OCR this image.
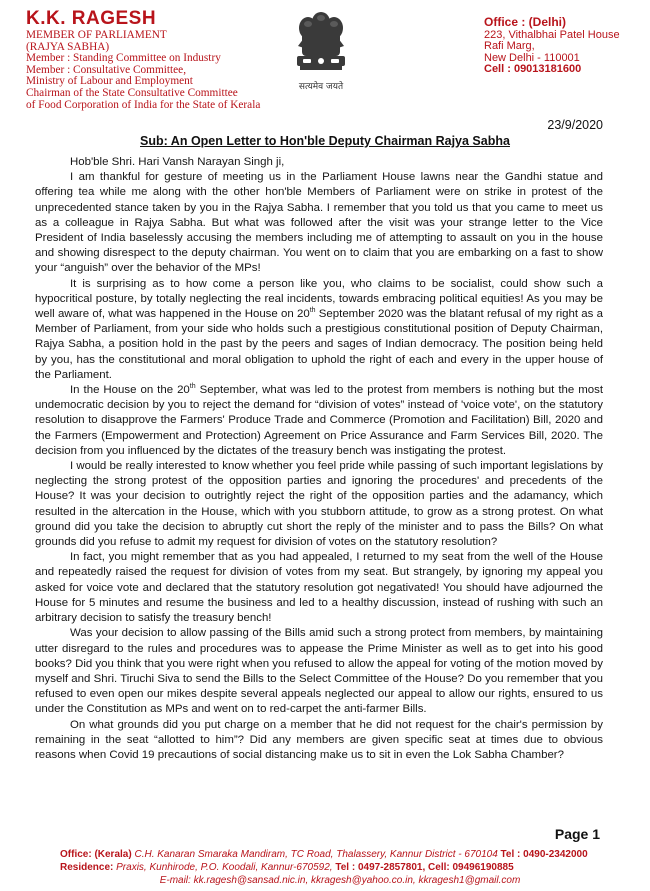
K.K. RAGESH
MEMBER OF PARLIAMENT
(RAJYA SABHA)
Member : Standing Committee on Industry
Member : Consultative Committee,
Ministry of Labour and Employment
Chairman of the State Consultative Committee
of Food Corporation of India for the State of Kerala
सत्यमेव जयते
Office : (Delhi)
223, Vithalbhai Patel House
Rafi Marg,
New Delhi - 110001
Cell : 09013181600
23/9/2020
Sub: An Open Letter to Hon'ble Deputy Chairman Rajya Sabha

Hob'ble Shri. Hari Vansh Narayan Singh ji,

I am thankful for gesture of meeting us in the Parliament House lawns near the Gandhi statue and offering tea while me along with the other hon'ble Members of Parliament were on strike in protest of the unprecedented stance taken by you in the Rajya Sabha. I remember that you told us that you came to meet us as a colleague in Rajya Sabha. But what was followed after the visit was your strange letter to the Vice President of India baselessly accusing the members including me of attempting to assault on you in the house and showing disrespect to the deputy chairman. You went on to claim that you are embarking on a fast to show your “anguish” over the behavior of the MPs!

It is surprising as to how come a person like you, who claims to be socialist, could show such a hypocritical posture, by totally neglecting the real incidents, towards embracing political equities! As you may be well aware of, what was happened in the House on 20th September 2020 was the blatant refusal of my right as a Member of Parliament, from your side who holds such a prestigious constitutional position of Deputy Chairman, Rajya Sabha, a position hold in the past by the peers and sages of Indian democracy. The position being held by you, has the constitutional and moral obligation to uphold the right of each and every in the upper house of the Parliament.

In the House on the 20th September, what was led to the protest from members is nothing but the most undemocratic decision by you to reject the demand for “division of votes” instead of 'voice vote', on the statutory resolution to disapprove the Farmers' Produce Trade and Commerce (Promotion and Facilitation) Bill, 2020 and the Farmers (Empowerment and Protection) Agreement on Price Assurance and Farm Services Bill, 2020. The decision from you influenced by the dictates of the treasury bench was instigating the protest.

I would be really interested to know whether you feel pride while passing of such important legislations by neglecting the strong protest of the opposition parties and ignoring the procedures' and precedents of the House? It was your decision to outrightly reject the right of the opposition parties and the adamancy, which resulted in the altercation in the House, which with you stubborn attitude, to grow as a strong protest. On what ground did you take the decision to abruptly cut short the reply of the minister and to pass the Bills? On what grounds did you refuse to admit my request for division of votes on the statutory resolution?

In fact, you might remember that as you had appealed, I returned to my seat from the well of the House and repeatedly raised the request for division of votes from my seat. But strangely, by ignoring my appeal you asked for voice vote and declared that the statutory resolution got negativated! You should have adjourned the House for 5 minutes and resume the business and led to a healthy discussion, instead of rushing with such an arbitrary decision to satisfy the treasury bench!

Was your decision to allow passing of the Bills amid such a strong protect from members, by maintaining utter disregard to the rules and procedures was to appease the Prime Minister as well as to get into his good books? Did you think that you were right when you refused to allow the appeal for voting of the motion moved by myself and Shri. Tiruchi Siva to send the Bills to the Select Committee of the House? Do you remember that you refused to even open our mikes despite several appeals neglected our appeal to allow our rights, ensured to us under the Constitution as MPs and went on to red-carpet the anti-farmer Bills.

On what grounds did you put charge on a member that he did not request for the chair's permission by remaining in the seat “allotted to him”? Did any members are given specific seat at times due to obvious reasons when Covid 19 precautions of social distancing make us to sit in even the Lok Sabha Chamber?

Page 1
Office: (Kerala) C.H. Kanaran Smaraka Mandiram, TC Road, Thalassery, Kannur District - 670104 Tel : 0490-2342000
Residence: Praxis, Kunhirode, P.O. Koodali, Kannur-670592, Tel : 0497-2857801, Cell: 09496190885
E-mail: kk.ragesh@sansad.nic.in, kkragesh@yahoo.co.in, kkragesh1@gmail.com
